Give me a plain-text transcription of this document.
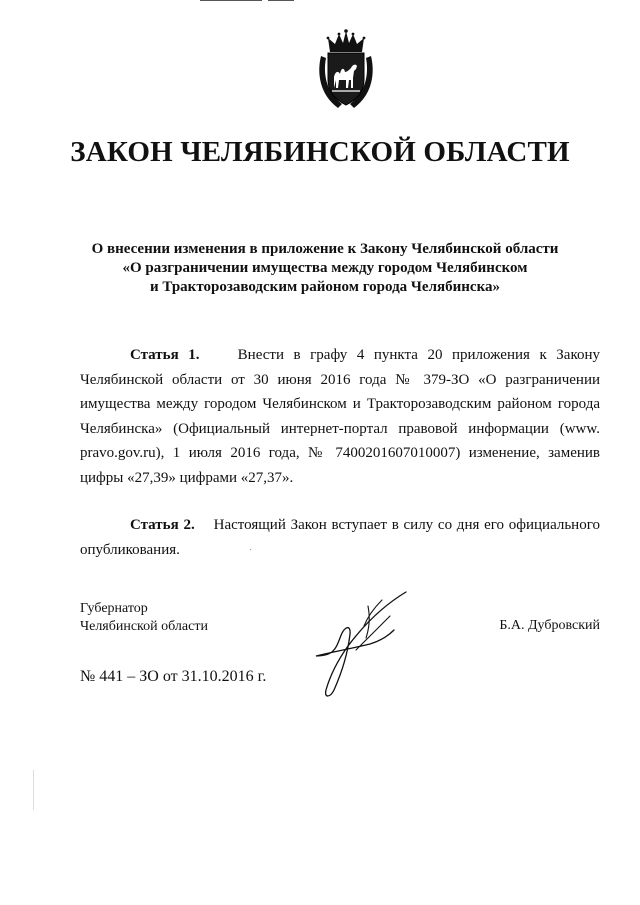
ЗАКОН ЧЕЛЯБИНСКОЙ ОБЛАСТИ

О внесении изменения в приложение к Закону Челябинской области
«О разграничении имущества между городом Челябинском
и Тракторозаводским районом города Челябинска»

Статья 1.	Внести в графу 4 пункта 20 приложения к Закону Челябинской области от 30 июня 2016 года № 379-ЗО «О разграничении имущества между городом Челябинском и Тракторозаводским районом города Челябинска» (Официальный интернет-портал правовой информации (www. pravo.gov.ru), 1 июля 2016 года, № 7400201607010007) изменение, заменив цифры «27,39» цифрами «27,37».

Статья 2. Настоящий Закон вступает в силу со дня его официального опубликования.

Губернатор
Челябинской области	Б.А. Дубровский
№ 441 – ЗО от 31.10.2016 г.
